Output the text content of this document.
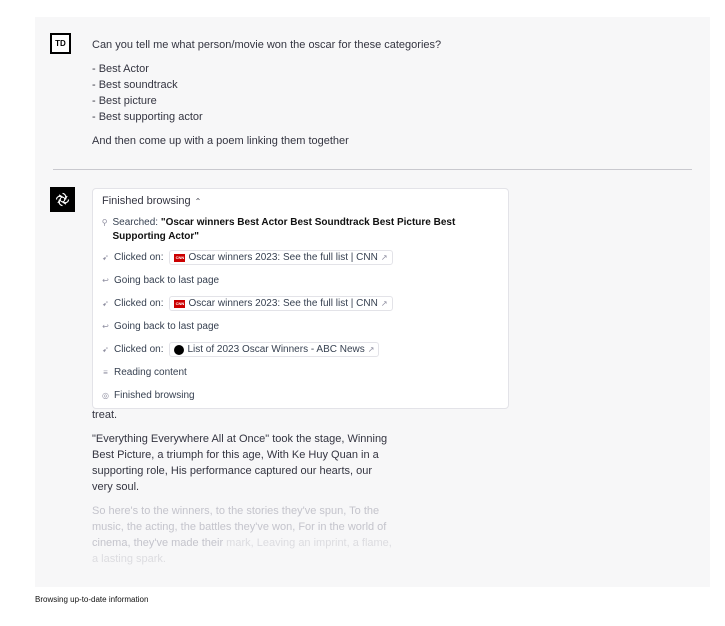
TD	Can you tell me what person/movie won the oscar for these categories?

- Best Actor

- Best soundtrack

- Best picture

- Best supporting actor

And then come up with a poem linking them together

Finished browsing ⌃
⚲ Searched: "Oscar winners Best Actor Best Soundtrack Best Picture Best Supporting Actor"
➹ Clicked on:	CNN Oscar winners 2023: See the full list | CNN ↗
↩ Going back to last page
➹ Clicked on:	CNN Oscar winners 2023: See the full list | CNN ↗
↩ Going back to last page
➹ Clicked on: List of 2023 Oscar Winners - ABC News ↗
≡ Reading content
◎ Finished browsing

treat.

"Everything Everywhere All at Once" took the stage, Winning Best Picture, a triumph for this age, With Ke Huy Quan in a supporting role, His performance captured our hearts, our very soul.

So here's to the winners, to the stories they've spun, To the music, the acting, the battles they've won, For in the world of cinema, they've made their mark, Leaving an imprint, a flame, a lasting spark.

Browsing up-to-date information
